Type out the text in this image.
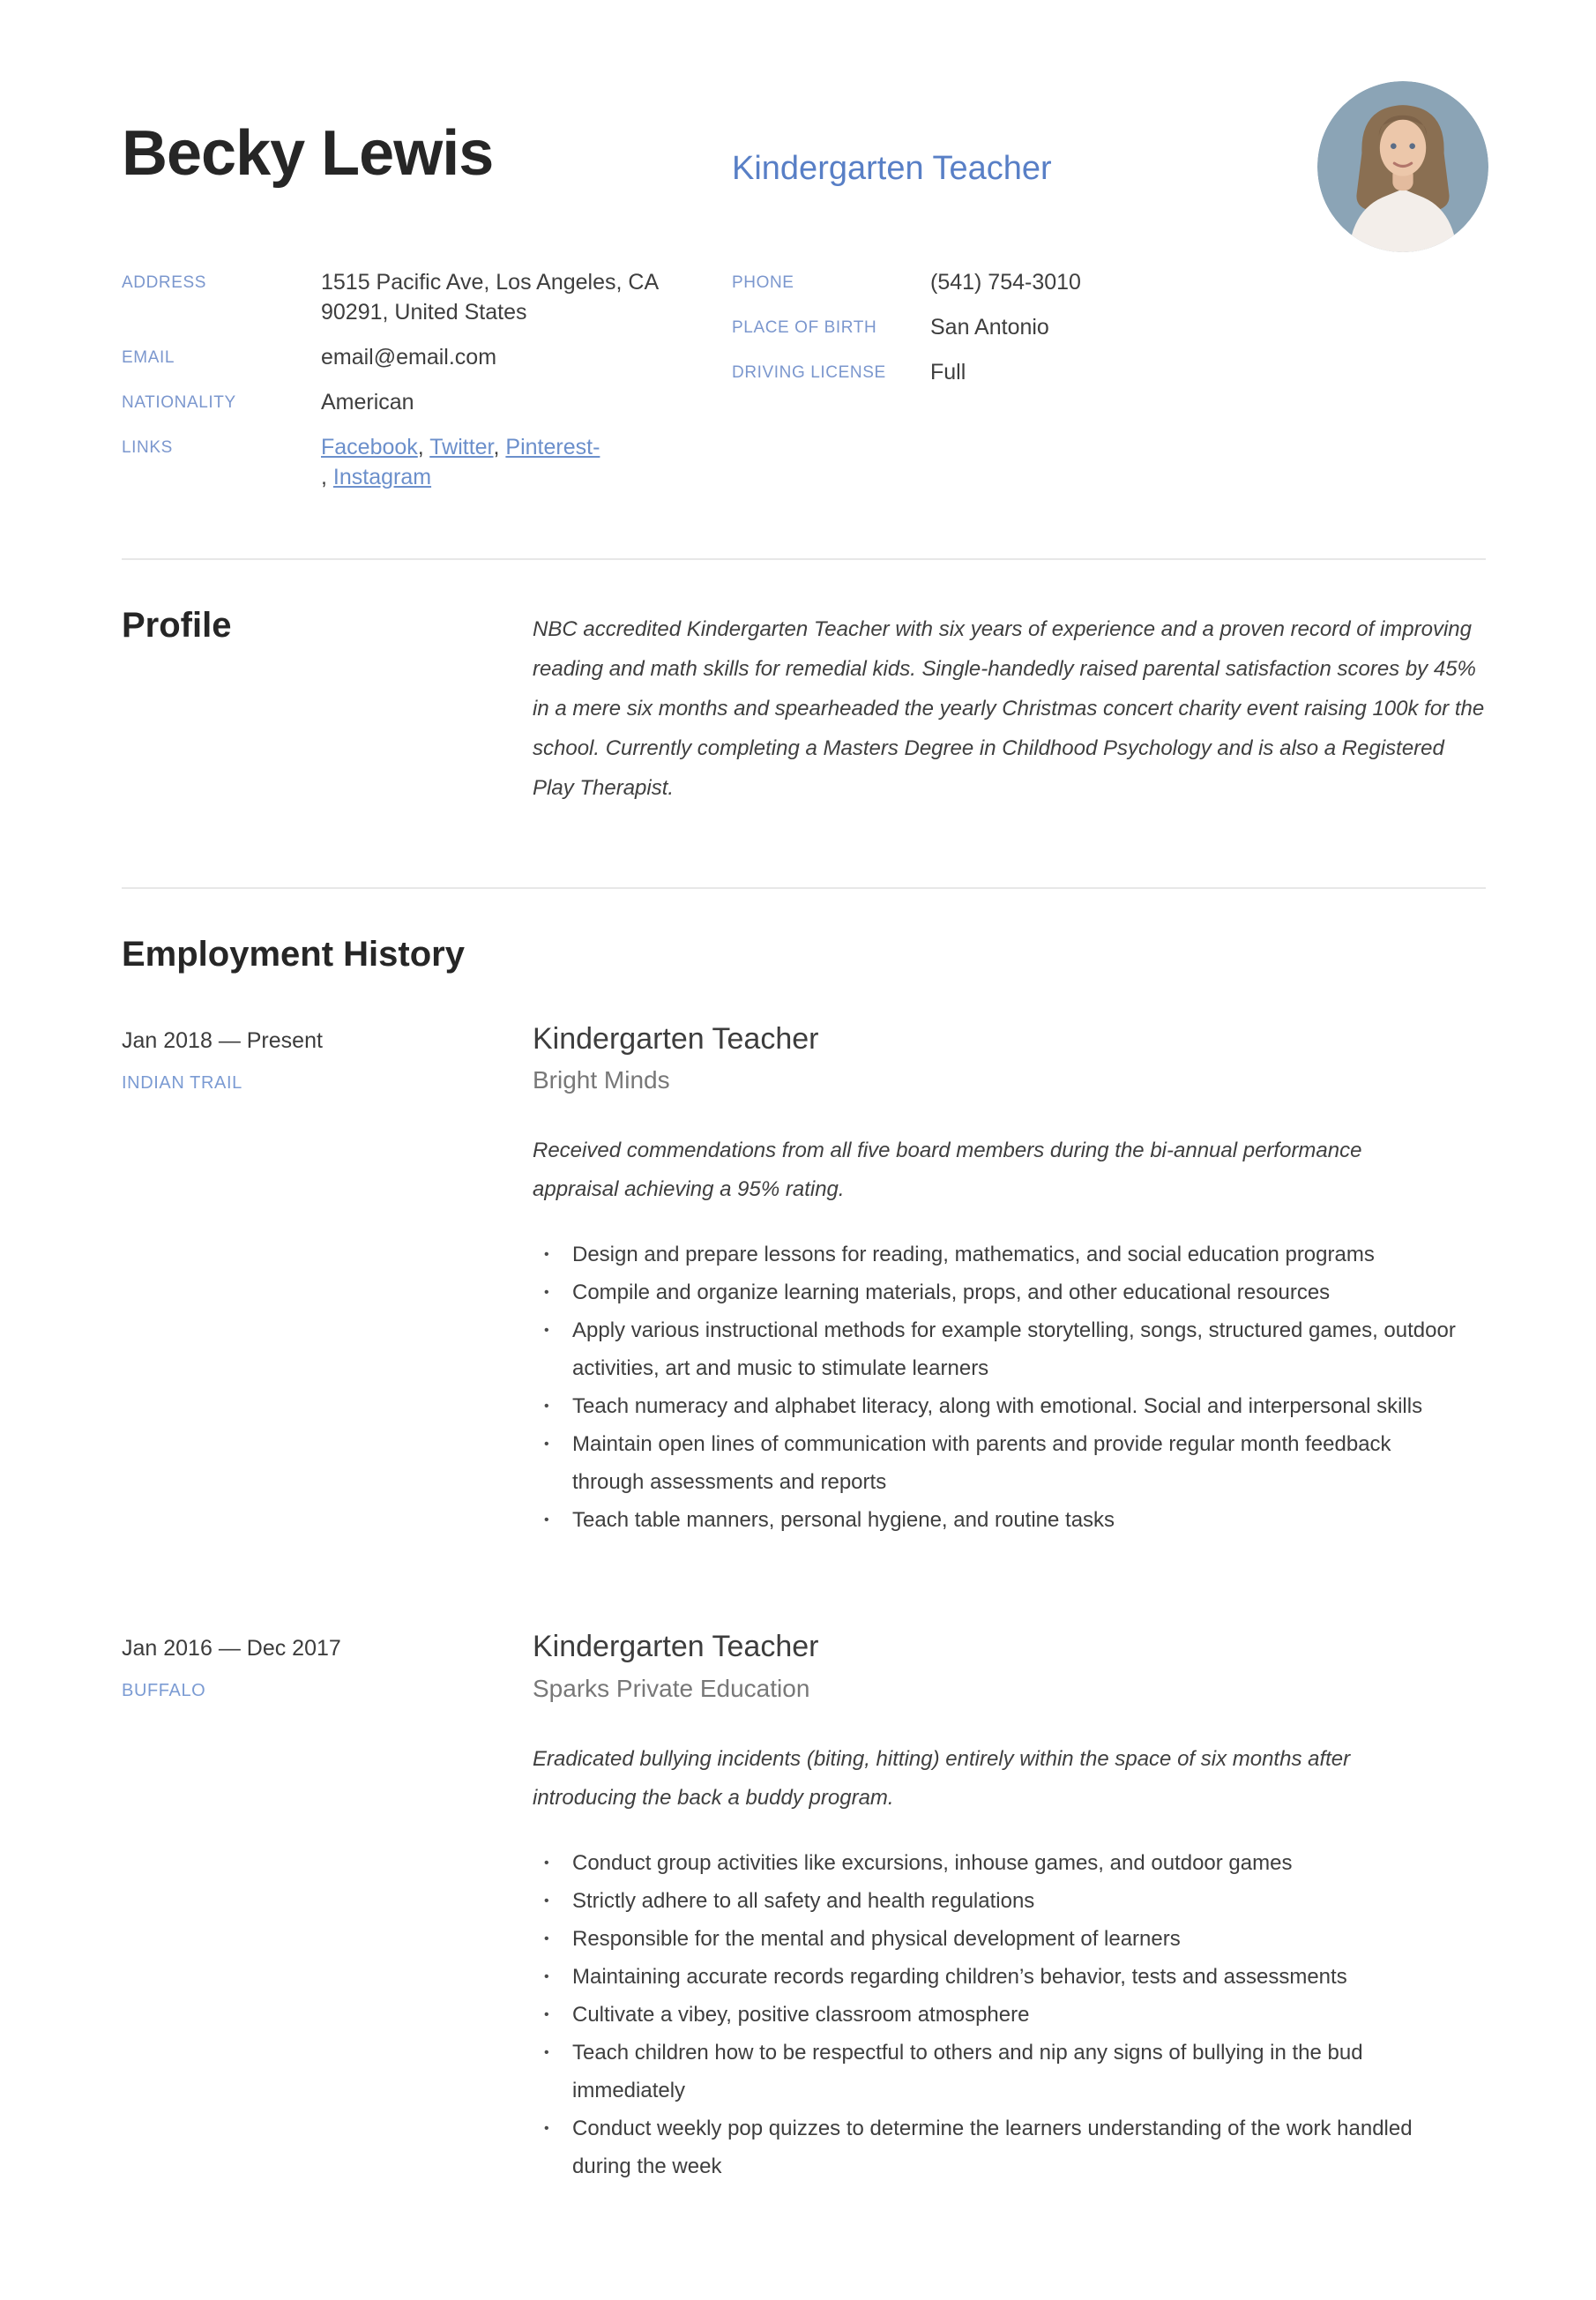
Becky Lewis	Kindergarten Teacher
ADDRESS	1515 Pacific Ave, Los Angeles, CA
90291, United States
EMAIL	email@email.com
NATIONALITY	American
LINKS	Facebook, Twitter, Pinterest-
, Instagram
PHONE	(541) 754-3010
PLACE OF BIRTH	San Antonio
DRIVING LICENSE	Full
Profile	NBC accredited Kindergarten Teacher with six years of experience and a proven record of improving reading and math skills for remedial kids. Single-handedly raised parental satisfaction scores by 45% in a mere six months and spearheaded the yearly Christmas concert charity event raising 100k for the school. Currently completing a Masters Degree in Childhood Psychology and is also a Registered Play Therapist.
Employment History
Jan 2018 — Present
INDIAN TRAIL
Kindergarten Teacher
Bright Minds
Received commendations from all five board members during the bi-annual performance appraisal achieving a 95% rating.
• Design and prepare lessons for reading, mathematics, and social education programs
• Compile and organize learning materials, props, and other educational resources
• Apply various instructional methods for example storytelling, songs, structured games, outdoor activities, art and music to stimulate learners
• Teach numeracy and alphabet literacy, along with emotional. Social and interpersonal skills
• Maintain open lines of communication with parents and provide regular month feedback through assessments and reports
• Teach table manners, personal hygiene, and routine tasks
Jan 2016 — Dec 2017
BUFFALO
Kindergarten Teacher
Sparks Private Education
Eradicated bullying incidents (biting, hitting) entirely within the space of six months after introducing the back a buddy program.
• Conduct group activities like excursions, inhouse games, and outdoor games
• Strictly adhere to all safety and health regulations
• Responsible for the mental and physical development of learners
• Maintaining accurate records regarding children’s behavior, tests and assessments
• Cultivate a vibey, positive classroom atmosphere
• Teach children how to be respectful to others and nip any signs of bullying in the bud immediately
• Conduct weekly pop quizzes to determine the learners understanding of the work handled during the week
